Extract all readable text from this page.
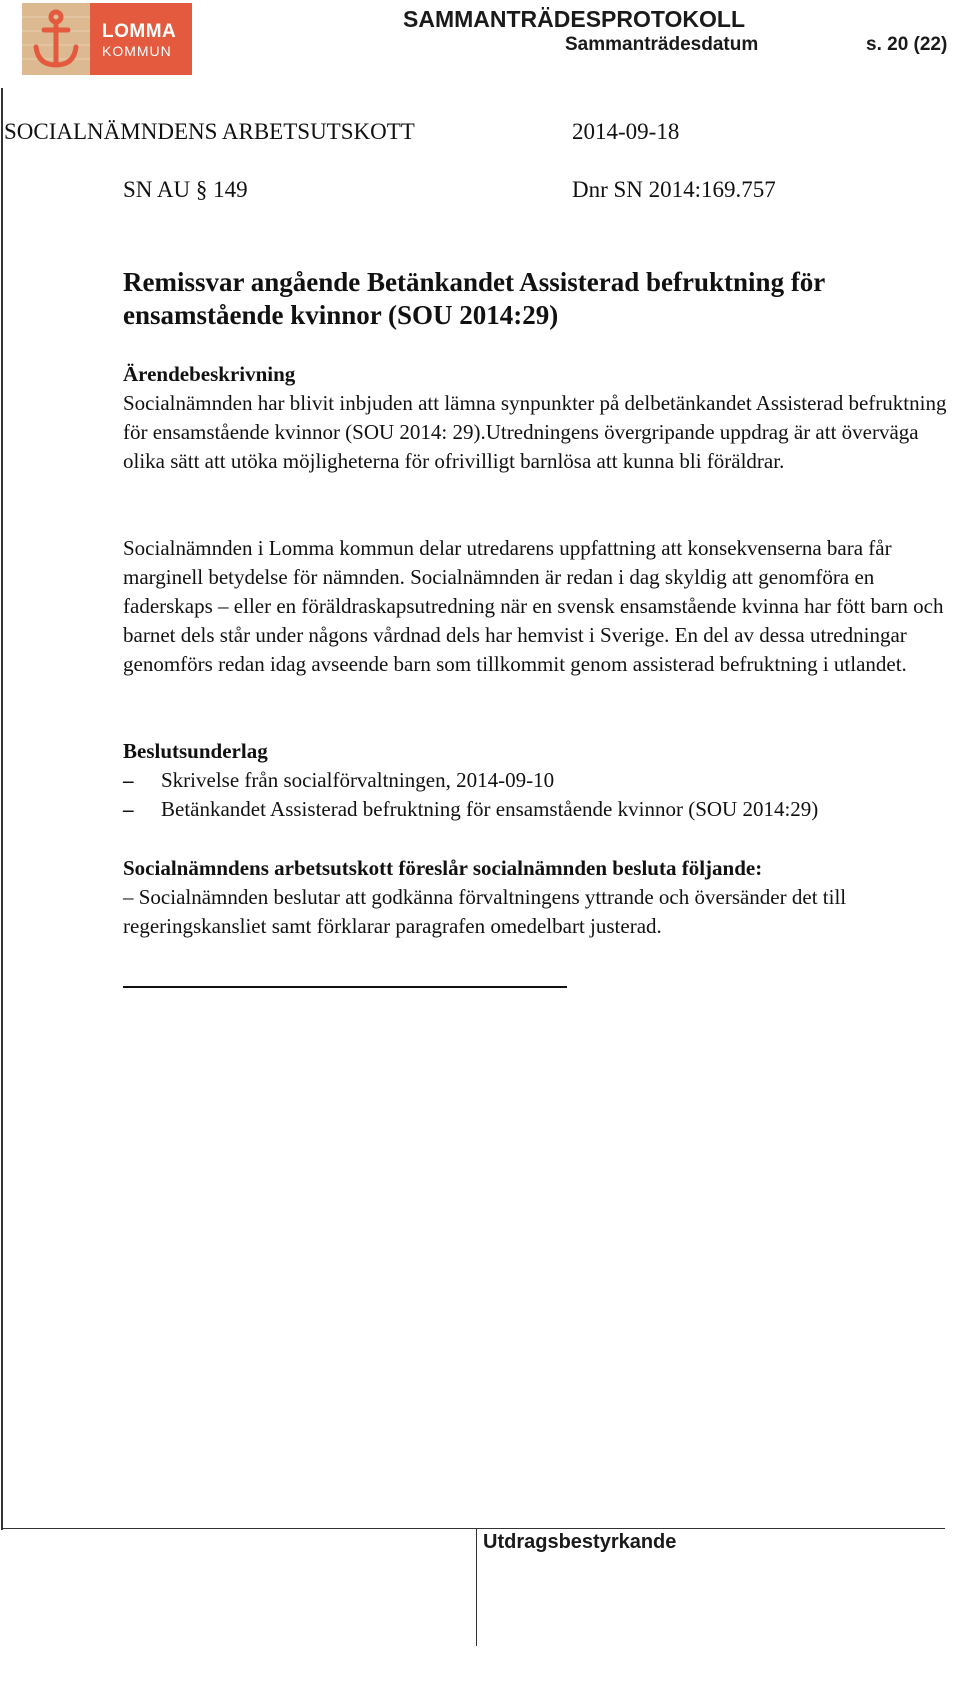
LOMMA
KOMMUN
SAMMANTRÄDESPROTOKOLL
Sammanträdesdatum	s. 20 (22)
SOCIALNÄMNDENS ARBETSUTSKOTT	2014-09-18
SN AU § 149	Dnr SN 2014:169.757
Remissvar angående Betänkandet Assisterad befruktning för ensamstående kvinnor (SOU 2014:29)
Ärendebeskrivning

Socialnämnden har blivit inbjuden att lämna synpunkter på delbetänkandet Assisterad befruktning för ensamstående kvinnor (SOU 2014: 29).Utredningens övergripande uppdrag är att överväga olika sätt att utöka möjligheterna för ofrivilligt barnlösa att kunna bli föräldrar.

Socialnämnden i Lomma kommun delar utredarens uppfattning att konsekvenserna bara får marginell betydelse för nämnden. Socialnämnden är redan i dag skyldig att genomföra en faderskaps – eller en föräldraskapsutredning när en svensk ensamstående kvinna har fött barn och barnet dels står under någons vårdnad dels har hemvist i Sverige. En del av dessa utredningar genomförs redan idag avseende barn som tillkommit genom assisterad befruktning i utlandet.

Beslutsunderlag
–	Skrivelse från socialförvaltningen, 2014-09-10
–	Betänkandet Assisterad befruktning för ensamstående kvinnor (SOU 2014:29)
Socialnämndens arbetsutskott föreslår socialnämnden besluta följande:

– Socialnämnden beslutar att godkänna förvaltningens yttrande och översänder det till regeringskansliet samt förklarar paragrafen omedelbart justerad.

Utdragsbestyrkande
